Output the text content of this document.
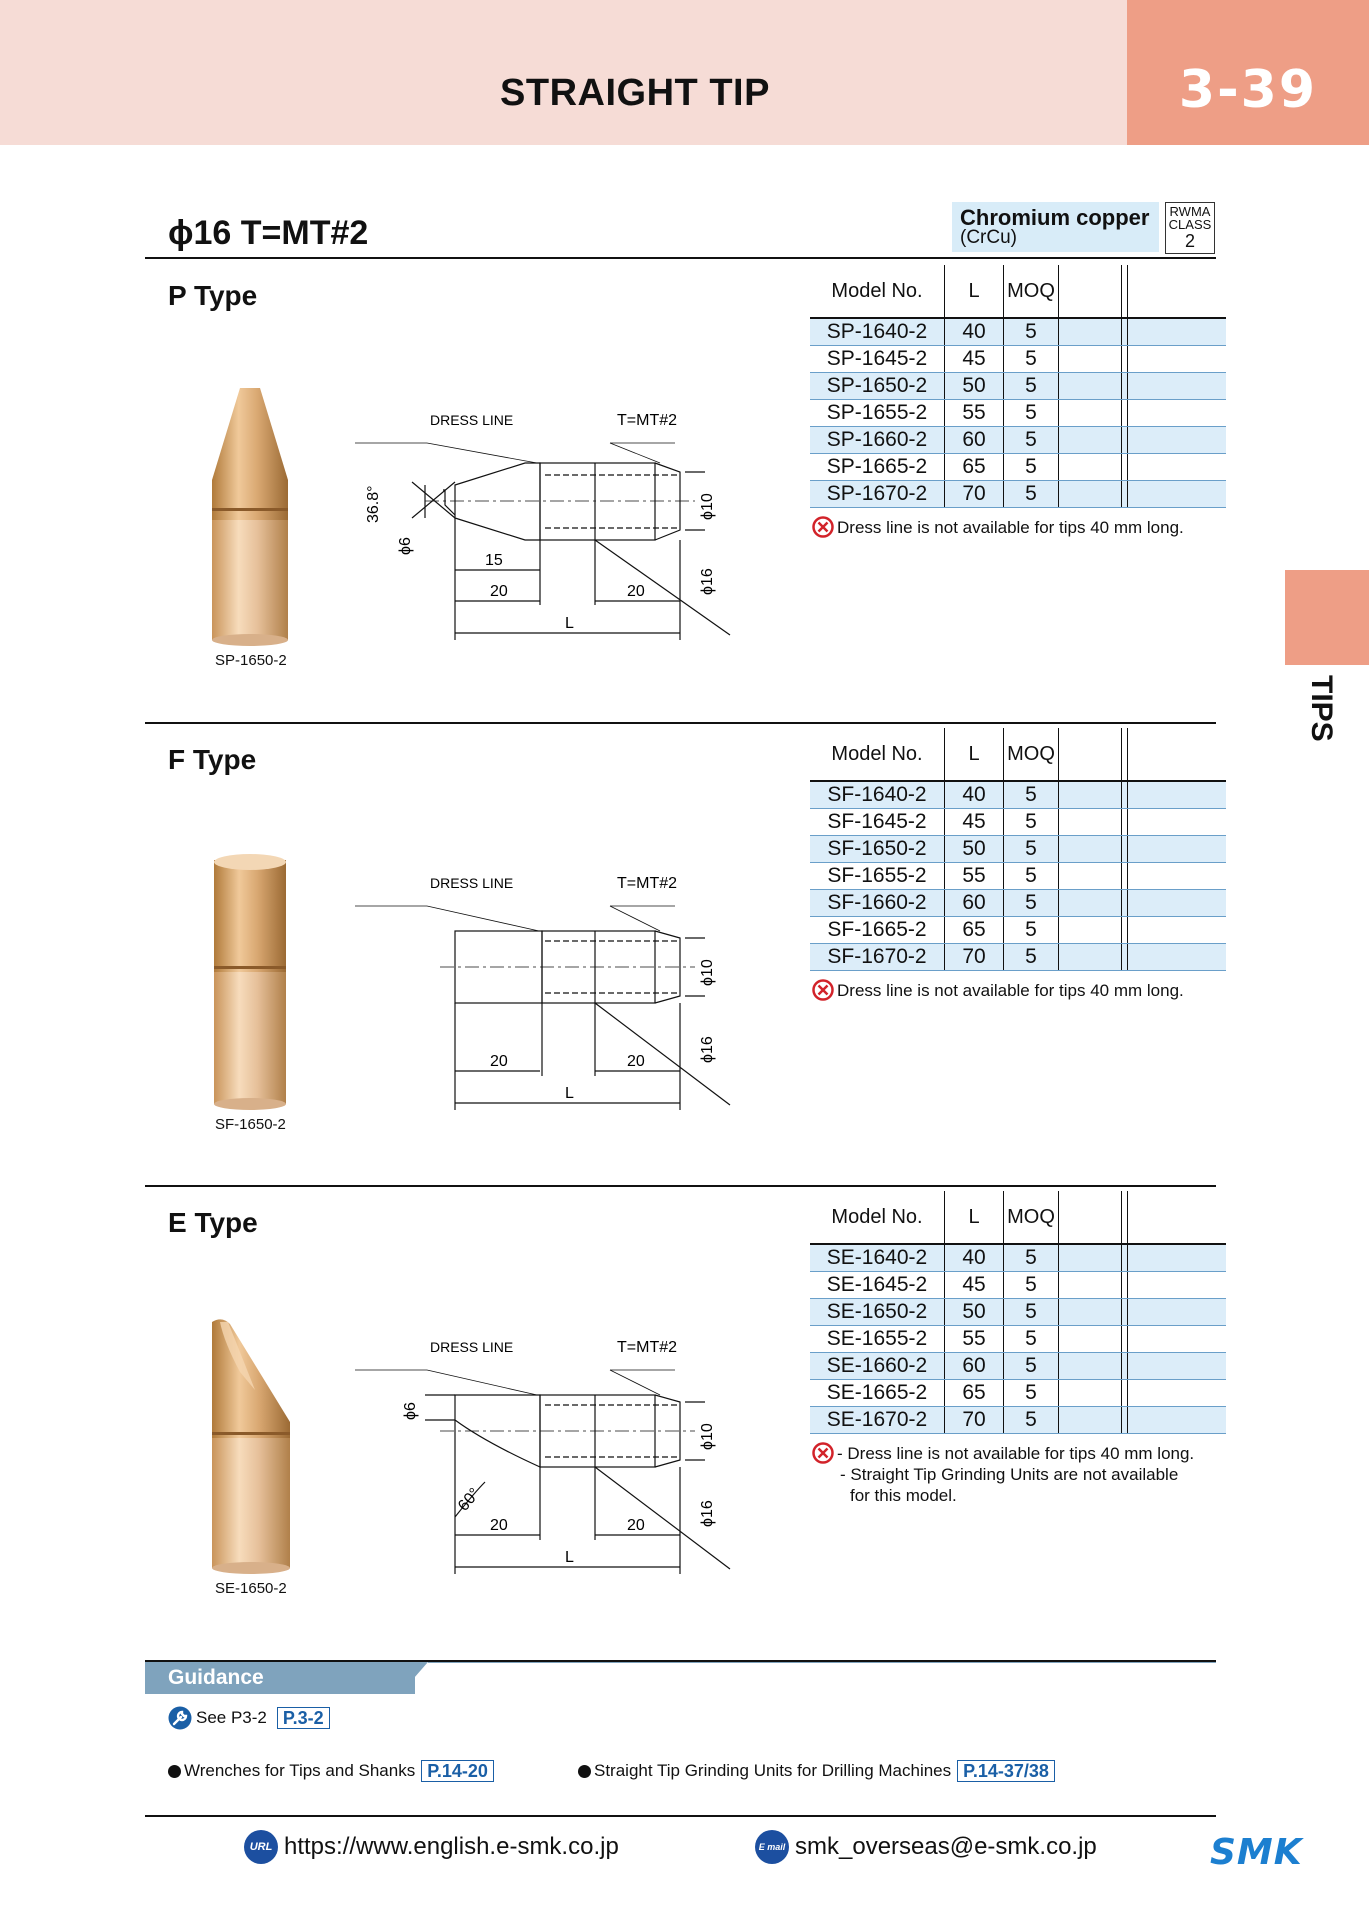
STRAIGHT TIP	3-39
TIPS
ϕ16 T=MT#2	Chromium copper
(CrCu)
RWMA
CLASS
2
P Type
SP-1650-2
DRESS LINE	T=MT#2
15
20	20
L
36.8°
ϕ6
ϕ10
ϕ16
Model No.	L	MOQ			
SP-1640-2	40	5			
SP-1645-2	45	5			
SP-1650-2	50	5			
SP-1655-2	55	5			
SP-1660-2	60	5			
SP-1665-2	65	5			
SP-1670-2	70	5			
Dress line is not available for tips 40 mm long.
F Type
SF-1650-2
DRESS LINE	T=MT#2
20	20
L
ϕ10
ϕ16
Model No.	L	MOQ			
SF-1640-2	40	5			
SF-1645-2	45	5			
SF-1650-2	50	5			
SF-1655-2	55	5			
SF-1660-2	60	5			
SF-1665-2	65	5			
SF-1670-2	70	5			
Dress line is not available for tips 40 mm long.
E Type
SE-1650-2
DRESS LINE	T=MT#2
20	20
L
60°
ϕ6
ϕ10
ϕ16
Model No.	L	MOQ			
SE-1640-2	40	5			
SE-1645-2	45	5			
SE-1650-2	50	5			
SE-1655-2	55	5			
SE-1660-2	60	5			
SE-1665-2	65	5			
SE-1670-2	70	5			
- Dress line is not available for tips 40 mm long.
- Straight Tip Grinding Units are not available
for this model.
Guidance
See P3-2 P.3-2
Wrenches for Tips and Shanks P.14-20	Straight Tip Grinding Units for Drilling Machines P.14-37/38
URL https://www.english.e-smk.co.jp	E mail smk_overseas@e-smk.co.jp	SMK
